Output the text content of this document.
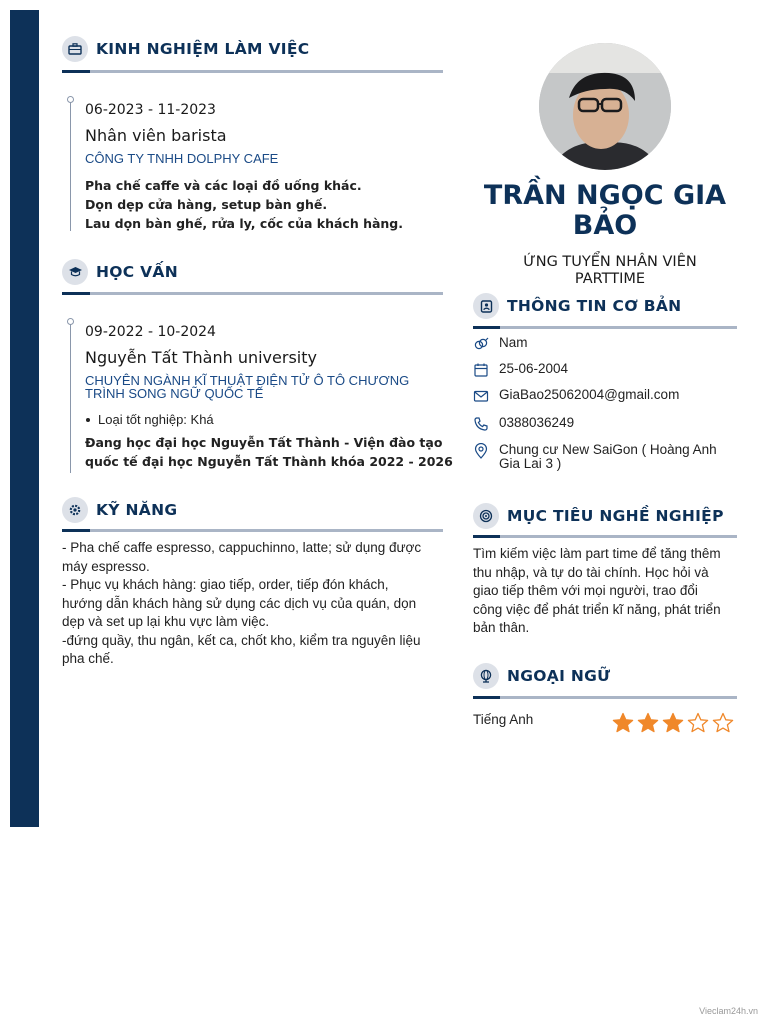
KINH NGHIỆM LÀM VIỆC
06-2023 - 11-2023
Nhân viên barista
CÔNG TY TNHH DOLPHY CAFE
Pha chế caffe và các loại đồ uống khác.
Dọn dẹp cửa hàng, setup bàn ghế.
Lau dọn bàn ghế, rửa ly, cốc của khách hàng.
HỌC VẤN
09-2022 - 10-2024
Nguyễn Tất Thành university
CHUYÊN NGÀNH KĨ THUẬT ĐIỆN TỬ Ô TÔ CHƯƠNG
TRÌNH SONG NGỮ QUỐC TẾ
Loại tốt nghiệp: Khá
Đang học đại học Nguyễn Tất Thành - Viện đào tạo
quốc tế đại học Nguyễn Tất Thành khóa 2022 - 2026
KỸ NĂNG
- Pha chế caffe espresso, cappuchinno, latte; sử dụng được
máy espresso.
- Phục vụ khách hàng: giao tiếp, order, tiếp đón khách,
hướng dẫn khách hàng sử dụng các dịch vụ của quán, dọn
dẹp và set up lại khu vực làm việc.
-đứng quầy, thu ngân, kết ca, chốt kho, kiểm tra nguyên liệu
pha chế.
TRẦN NGỌC GIA BẢO
ỨNG TUYỂN NHÂN VIÊN PARTTIME
THÔNG TIN CƠ BẢN
Nam
25-06-2004
GiaBao25062004@gmail.com
0388036249
Chung cư New SaiGon ( Hoàng Anh
Gia Lai 3 )
MỤC TIÊU NGHỀ NGHIỆP
Tìm kiếm việc làm part time để tăng thêm
thu nhập, và tự do tài chính. Học hỏi và
giao tiếp thêm với mọi người, trao đổi
công việc để phát triển kĩ năng, phát triển
bản thân.
NGOẠI NGỮ
Tiếng Anh
Vieclam24h.vn
